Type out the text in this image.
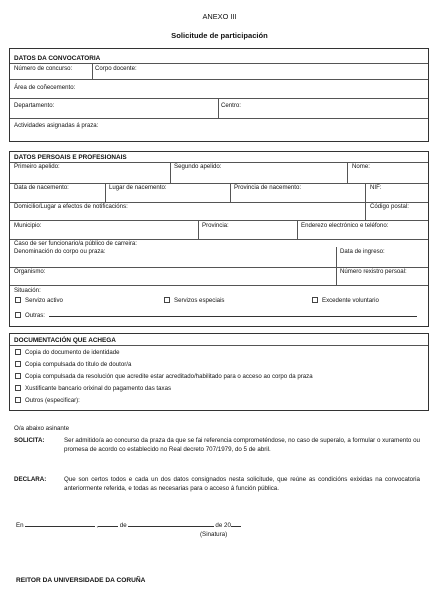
ANEXO III
Solicitude de participación
DATOS DA CONVOCATORIA
Número de concurso:	Corpo docente:
Área de coñecemento:
Departamento:	Centro:
Actividades asignadas á praza:
DATOS PERSOAIS E PROFESIONAIS
Primeiro apelido:	Segundo apelido:	Nome:
Data de nacemento:	Lugar de nacemento:	Provincia de nacemento:	NIF:
Domicilio/Lugar a efectos de notificacións:	Código postal:
Municipio:	Provincia:	Enderezo electrónico e teléfono:
Caso de ser funcionario/a público de carreira:
Denominación do corpo ou praza:	Data de ingreso:
Organismo:	Número rexistro persoal:
Situación:
Servizo activo	Servizos especiais	Excedente voluntario
Outras:
DOCUMENTACIÓN QUE ACHEGA
Copia do documento de identidade
Copia compulsada do título de doutor/a
Copia compulsada da resolución que acredite estar acreditado/habilitado para o acceso ao corpo da praza
Xustificante bancario orixinal do pagamento das taxas
Outros (especificar):
O/a abaixo asinante
SOLICITA:	Ser admitido/a ao concurso da praza da que se fai referencia comprometéndose, no caso de superalo, a formular o xuramento ou promesa de acordo co establecido no Real decreto 707/1979, do 5 de abril.
DECLARA:	Que son certos todos e cada un dos datos consignados nesta solicitude, que reúne as condicións exixidas na convocatoria anteriormente referida, e todas as necesarias para o acceso á función pública.
En	,	de	de 20
(Sinatura)
REITOR DA UNIVERSIDADE DA CORUÑA
